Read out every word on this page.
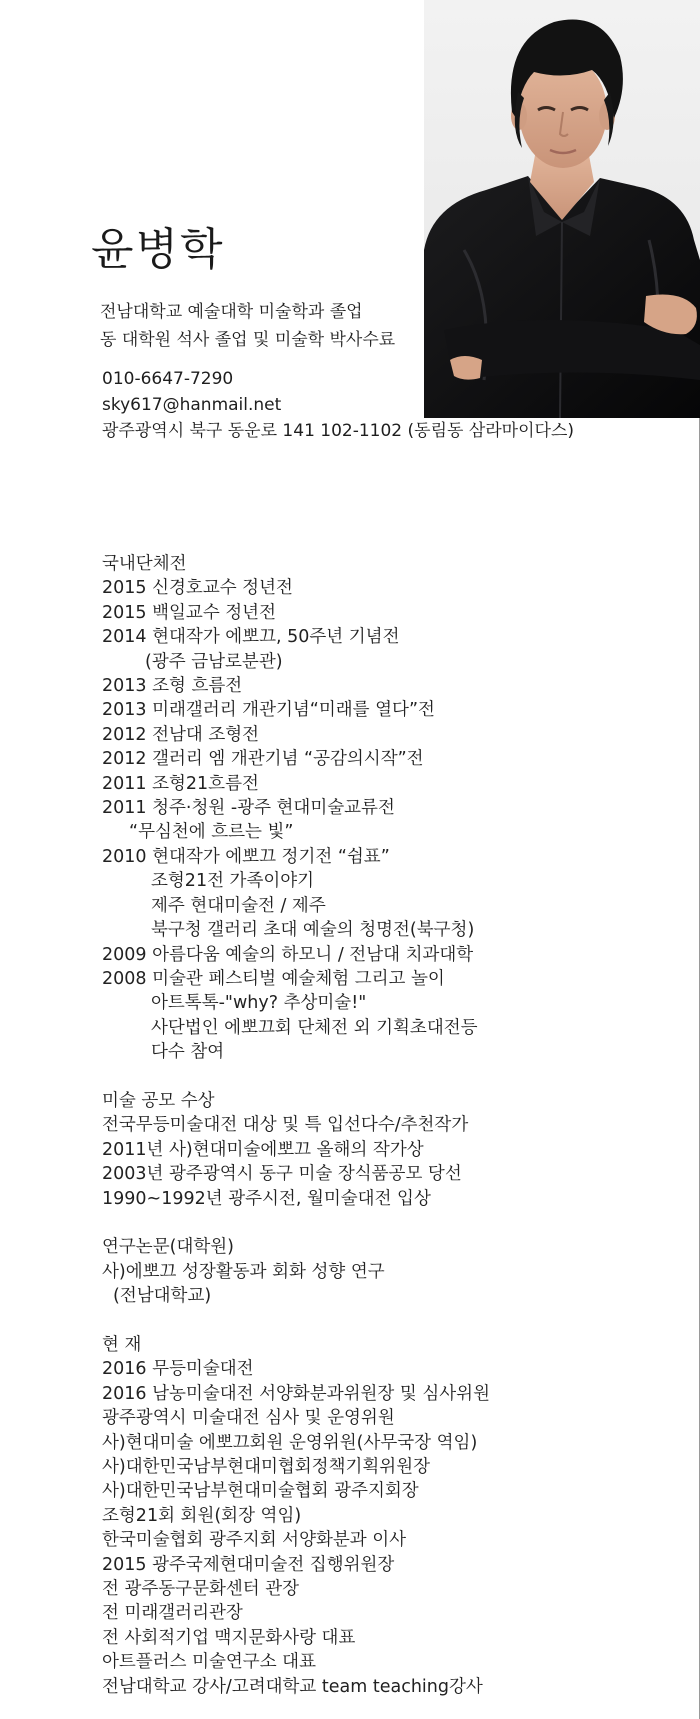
윤병학
전남대학교 예술대학 미술학과 졸업
동 대학원 석사 졸업 및 미술학 박사수료
010-6647-7290
sky617@hanmail.net
광주광역시 북구 동운로 141 102-1102 (동림동 삼라마이다스)
국내단체전
2015 신경호교수 정년전
2015 백일교수 정년전
2014 현대작가 에뽀끄, 50주년 기념전
(광주 금남로분관)
2013 조형 흐름전
2013 미래갤러리 개관기념“미래를 열다”전
2012 전남대 조형전
2012 갤러리 엠 개관기념 “공감의시작”전
2011 조형21흐름전
2011 청주·청원 -광주 현대미술교류전
“무심천에 흐르는 빛”
2010 현대작가 에뽀끄 정기전 “쉼표”
조형21전 가족이야기
제주 현대미술전 / 제주
북구청 갤러리 초대 예술의 청명전(북구청)
2009 아름다움 예술의 하모니 / 전남대 치과대학
2008 미술관 페스티벌 예술체험 그리고 놀이
아트톡톡-"why? 추상미술!"
사단법인 에뽀끄회 단체전 외 기획초대전등
다수 참여
미술 공모 수상
전국무등미술대전 대상 및 특 입선다수/추천작가
2011년 사)현대미술에뽀끄 올해의 작가상
2003년 광주광역시 동구 미술 장식품공모 당선
1990~1992년 광주시전, 월미술대전 입상
연구논문(대학원)
사)에뽀끄 성장활동과 회화 성향 연구
(전남대학교)
현 재
2016 무등미술대전
2016 남농미술대전 서양화분과위원장 및 심사위원
광주광역시 미술대전 심사 및 운영위원
사)현대미술 에뽀끄회원 운영위원(사무국장 역임)
사)대한민국남부현대미협회정책기획위원장
사)대한민국남부현대미술협회 광주지회장
조형21회 회원(회장 역임)
한국미술협회 광주지회 서양화분과 이사
2015 광주국제현대미술전 집행위원장
전 광주동구문화센터 관장
전 미래갤러리관장
전 사회적기업 맥지문화사랑 대표
아트플러스 미술연구소 대표
전남대학교 강사/고려대학교 team teaching강사
